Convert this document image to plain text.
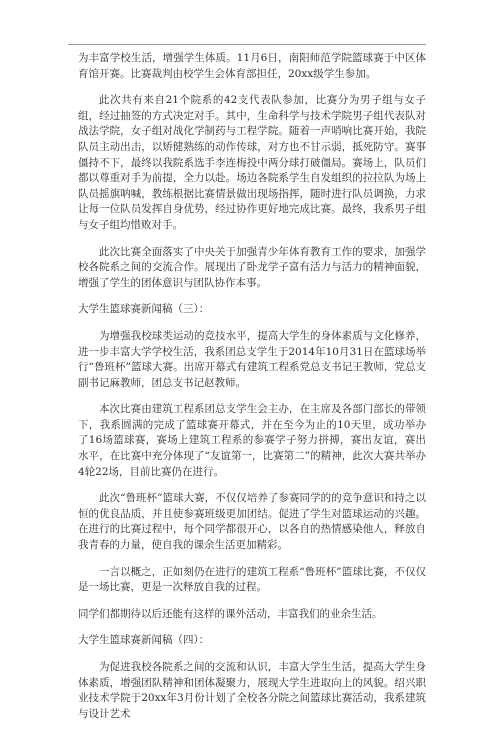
为丰富学校生活，增强学生体质。11月6日，南阳师范学院篮球赛于中区体育馆开赛。比赛裁判由校学生会体育部担任，20xx级学生参加。

此次共有来自21个院系的42支代表队参加，比赛分为男子组与女子组，经过抽签的方式决定对手。其中，生命科学与技术学院男子组代表队对战法学院，女子组对战化学制药与工程学院。随着一声哨响比赛开始，我院队员主动出击，以矫健熟练的动作传球，对方也不甘示弱，抵死防守。赛事僵持不下，最终以我院系选手李连梅投中两分球打破僵局。赛场上，队员们都以尊重对手为前提，全力以赴。场边各院系学生自发组织的拉拉队为场上队员摇旗呐喊，教练根据比赛情景做出现场指挥，随时进行队员调换，力求让每一位队员发挥自身优势，经过协作更好地完成比赛。最终，我系男子组与女子组均惜败对手。

此次比赛全面落实了中央关于加强青少年体育教育工作的要求，加强学校各院系之间的交流合作。展现出了卧龙学子富有活力与活力的精神面貌，增强了学生的团体意识与团队协作本事。

大学生篮球赛新闻稿（三）：

为增强我校球类运动的竞技水平，提高大学生的身体素质与文化修养，进一步丰富大学学校生活，我系团总支学生于2014年10月31日在篮球场举行“鲁班杯”篮球大赛。出席开幕式有建筑工程系党总支书记王教师，党总支副书记麻教师，团总支书记赵教师。

本次比赛由建筑工程系团总支学生会主办，在主席及各部门部长的带领下，我系圆满的完成了篮球赛开幕式，并在至今为止的10天里，成功举办了16场篮球赛，赛场上建筑工程系的参赛学子努力拼搏，赛出友谊，赛出水平，在比赛中充分体现了“友谊第一，比赛第二”的精神，此次大赛共举办4轮22场，目前比赛仍在进行。

此次“鲁班杯”篮球大赛，不仅仅培养了参赛同学的的竞争意识和持之以恒的优良品质，并且使参赛班级更加团结。促进了学生对篮球运动的兴趣。在进行的比赛过程中，每个同学都很开心，以各自的热情感染他人，释放自我青春的力量，使自我的课余生活更加精彩。

一言以概之，正如刻仍在进行的建筑工程系“鲁班杯”篮球比赛，不仅仅是一场比赛，更是一次释放自我的过程。

同学们都期待以后还能有这样的课外活动，丰富我们的业余生活。

大学生篮球赛新闻稿（四）：

为促进我校各院系之间的交流和认识，丰富大学生生活，提高大学生身体素质，增强团队精神和团体凝聚力，展现大学生进取向上的风貌。绍兴职业技术学院于20xx年3月份计划了全校各分院之间篮球比赛活动，我系建筑与设计艺术
